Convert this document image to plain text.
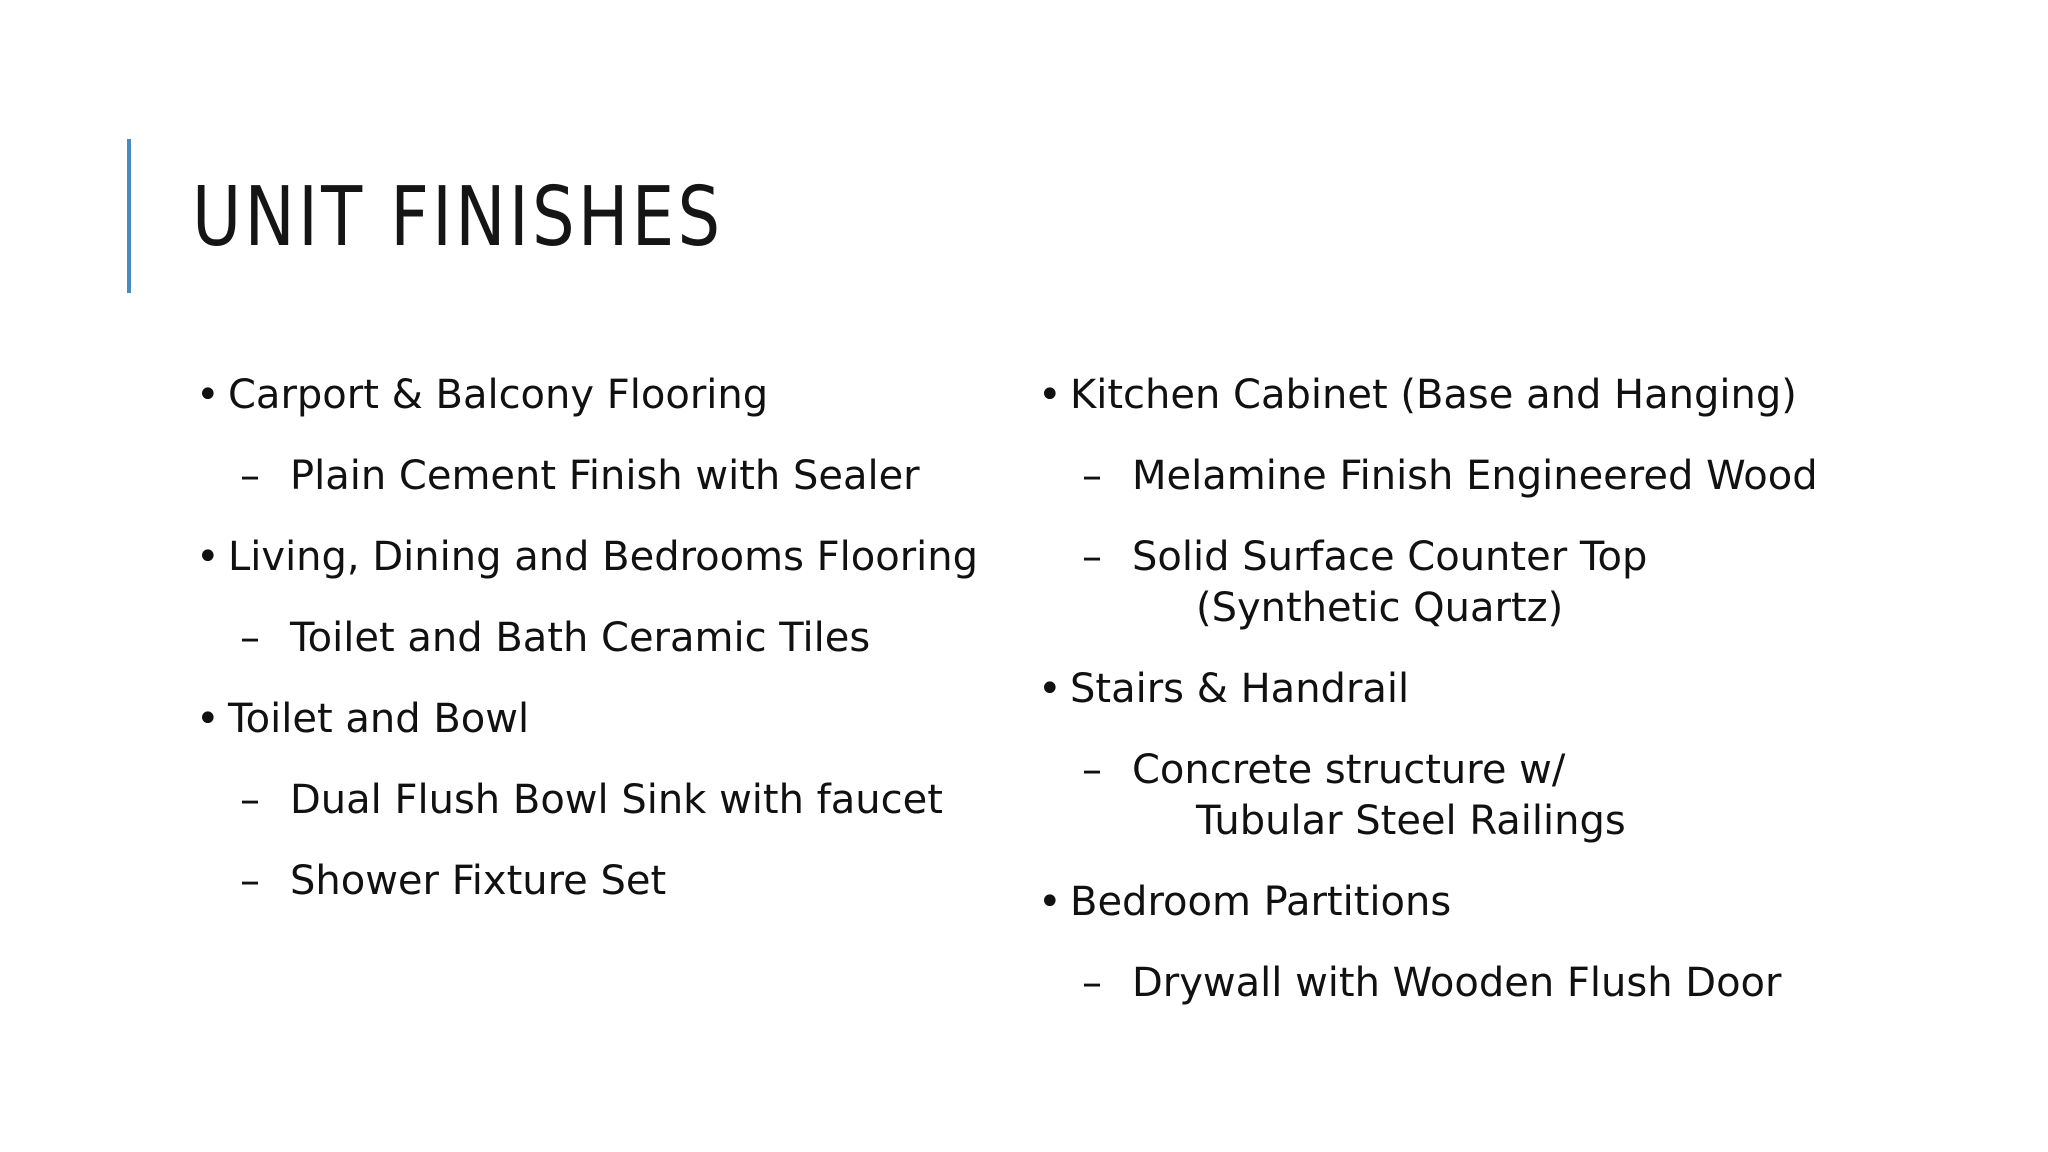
UNIT FINISHES
• Carport & Balcony Flooring
– Plain Cement Finish with Sealer
• Living, Dining and Bedrooms Flooring
– Toilet and Bath Ceramic Tiles
• Toilet and Bowl
– Dual Flush Bowl Sink with faucet
– Shower Fixture Set
• Kitchen Cabinet (Base and Hanging)
– Melamine Finish Engineered Wood
– Solid Surface Counter Top
(Synthetic Quartz)
• Stairs & Handrail
– Concrete structure w/
Tubular Steel Railings
• Bedroom Partitions
– Drywall with Wooden Flush Door
